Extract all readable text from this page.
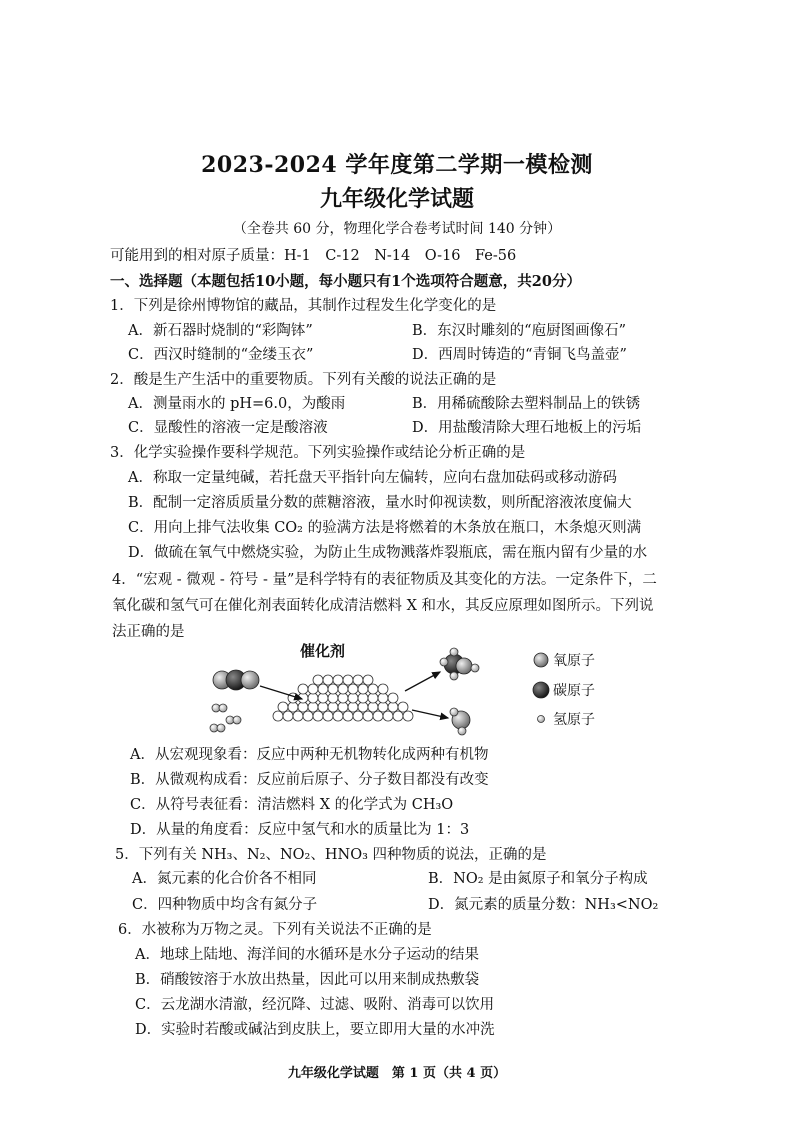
2023-2024 学年度第二学期一模检测
九年级化学试题
（全卷共 60 分，物理化学合卷考试时间 140 分钟）
可能用到的相对原子质量：H-1　C-12　N-14　O-16　Fe-56
一、选择题（本题包括10小题，每小题只有1个选项符合题意，共20分）
1．下列是徐州博物馆的藏品，其制作过程发生化学变化的是
A．新石器时烧制的“彩陶钵”	B．东汉时雕刻的“庖厨图画像石”
C．西汉时缝制的“金缕玉衣”	D．西周时铸造的“青铜飞鸟盖壶”
2．酸是生产生活中的重要物质。下列有关酸的说法正确的是
A．测量雨水的 pH=6.0，为酸雨	B．用稀硫酸除去塑料制品上的铁锈
C．显酸性的溶液一定是酸溶液	D．用盐酸清除大理石地板上的污垢
3．化学实验操作要科学规范。下列实验操作或结论分析正确的是
A．称取一定量纯碱，若托盘天平指针向左偏转，应向右盘加砝码或移动游码
B．配制一定溶质质量分数的蔗糖溶液，量水时仰视读数，则所配溶液浓度偏大
C．用向上排气法收集 CO₂ 的验满方法是将燃着的木条放在瓶口，木条熄灭则满
D．做硫在氧气中燃烧实验，为防止生成物溅落炸裂瓶底，需在瓶内留有少量的水
4．“宏观 - 微观 - 符号 - 量”是科学特有的表征物质及其变化的方法。一定条件下，二
氧化碳和氢气可在催化剂表面转化成清洁燃料 X 和水，其反应原理如图所示。下列说
法正确的是
催化剂
氧原子
碳原子
氢原子
A．从宏观现象看：反应中两种无机物转化成两种有机物
B．从微观构成看：反应前后原子、分子数目都没有改变
C．从符号表征看：清洁燃料 X 的化学式为 CH₃O
D．从量的角度看：反应中氢气和水的质量比为 1：3
5．下列有关 NH₃、N₂、NO₂、HNO₃ 四种物质的说法，正确的是
A．氮元素的化合价各不相同	B．NO₂ 是由氮原子和氧分子构成
C．四种物质中均含有氮分子	D．氮元素的质量分数：NH₃<NO₂
6．水被称为万物之灵。下列有关说法不正确的是
A．地球上陆地、海洋间的水循环是水分子运动的结果
B．硝酸铵溶于水放出热量，因此可以用来制成热敷袋
C．云龙湖水清澈，经沉降、过滤、吸附、消毒可以饮用
D．实验时若酸或碱沾到皮肤上，要立即用大量的水冲洗
九年级化学试题　第 1 页（共 4 页）
